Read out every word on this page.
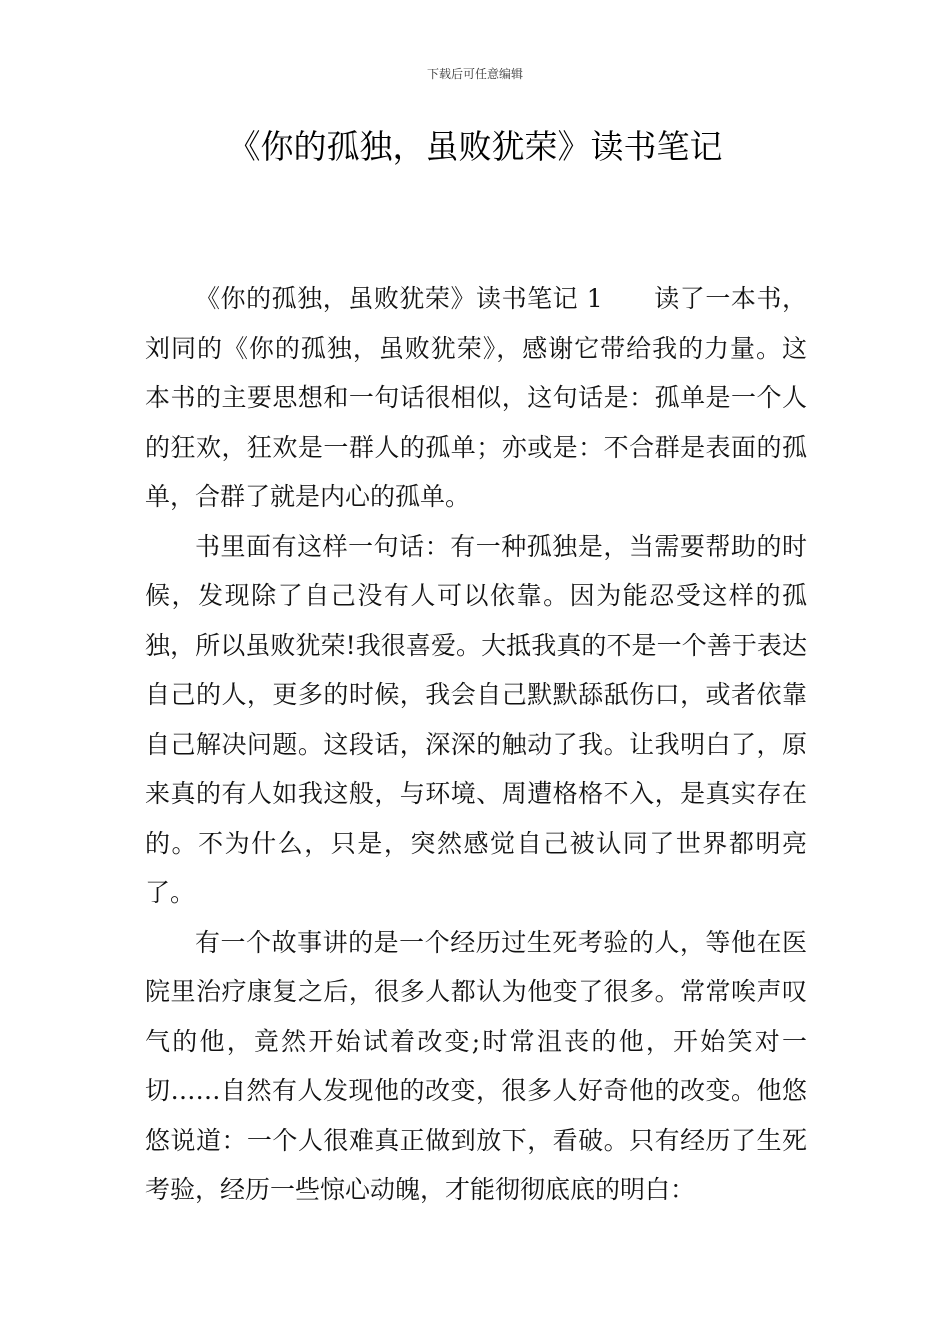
下载后可任意编辑
《你的孤独，虽败犹荣》读书笔记

《你的孤独，虽败犹荣》读书笔记 1　　读了一本书，刘同的《你的孤独，虽败犹荣》，感谢它带给我的力量。这本书的主要思想和一句话很相似，这句话是：孤单是一个人的狂欢，狂欢是一群人的孤单；亦或是：不合群是表面的孤单，合群了就是内心的孤单。

书里面有这样一句话：有一种孤独是，当需要帮助的时候，发现除了自己没有人可以依靠。因为能忍受这样的孤独，所以虽败犹荣!我很喜爱。大抵我真的不是一个善于表达自己的人，更多的时候，我会自己默默舔舐伤口，或者依靠自己解决问题。这段话，深深的触动了我。让我明白了，原来真的有人如我这般，与环境、周遭格格不入，是真实存在的。不为什么，只是，突然感觉自己被认同了世界都明亮了。

有一个故事讲的是一个经历过生死考验的人，等他在医院里治疗康复之后，很多人都认为他变了很多。常常唉声叹气的他，竟然开始试着改变;时常沮丧的他，开始笑对一切……自然有人发现他的改变，很多人好奇他的改变。他悠悠说道：一个人很难真正做到放下，看破。只有经历了生死考验，经历一些惊心动魄，才能彻彻底底的明白：
